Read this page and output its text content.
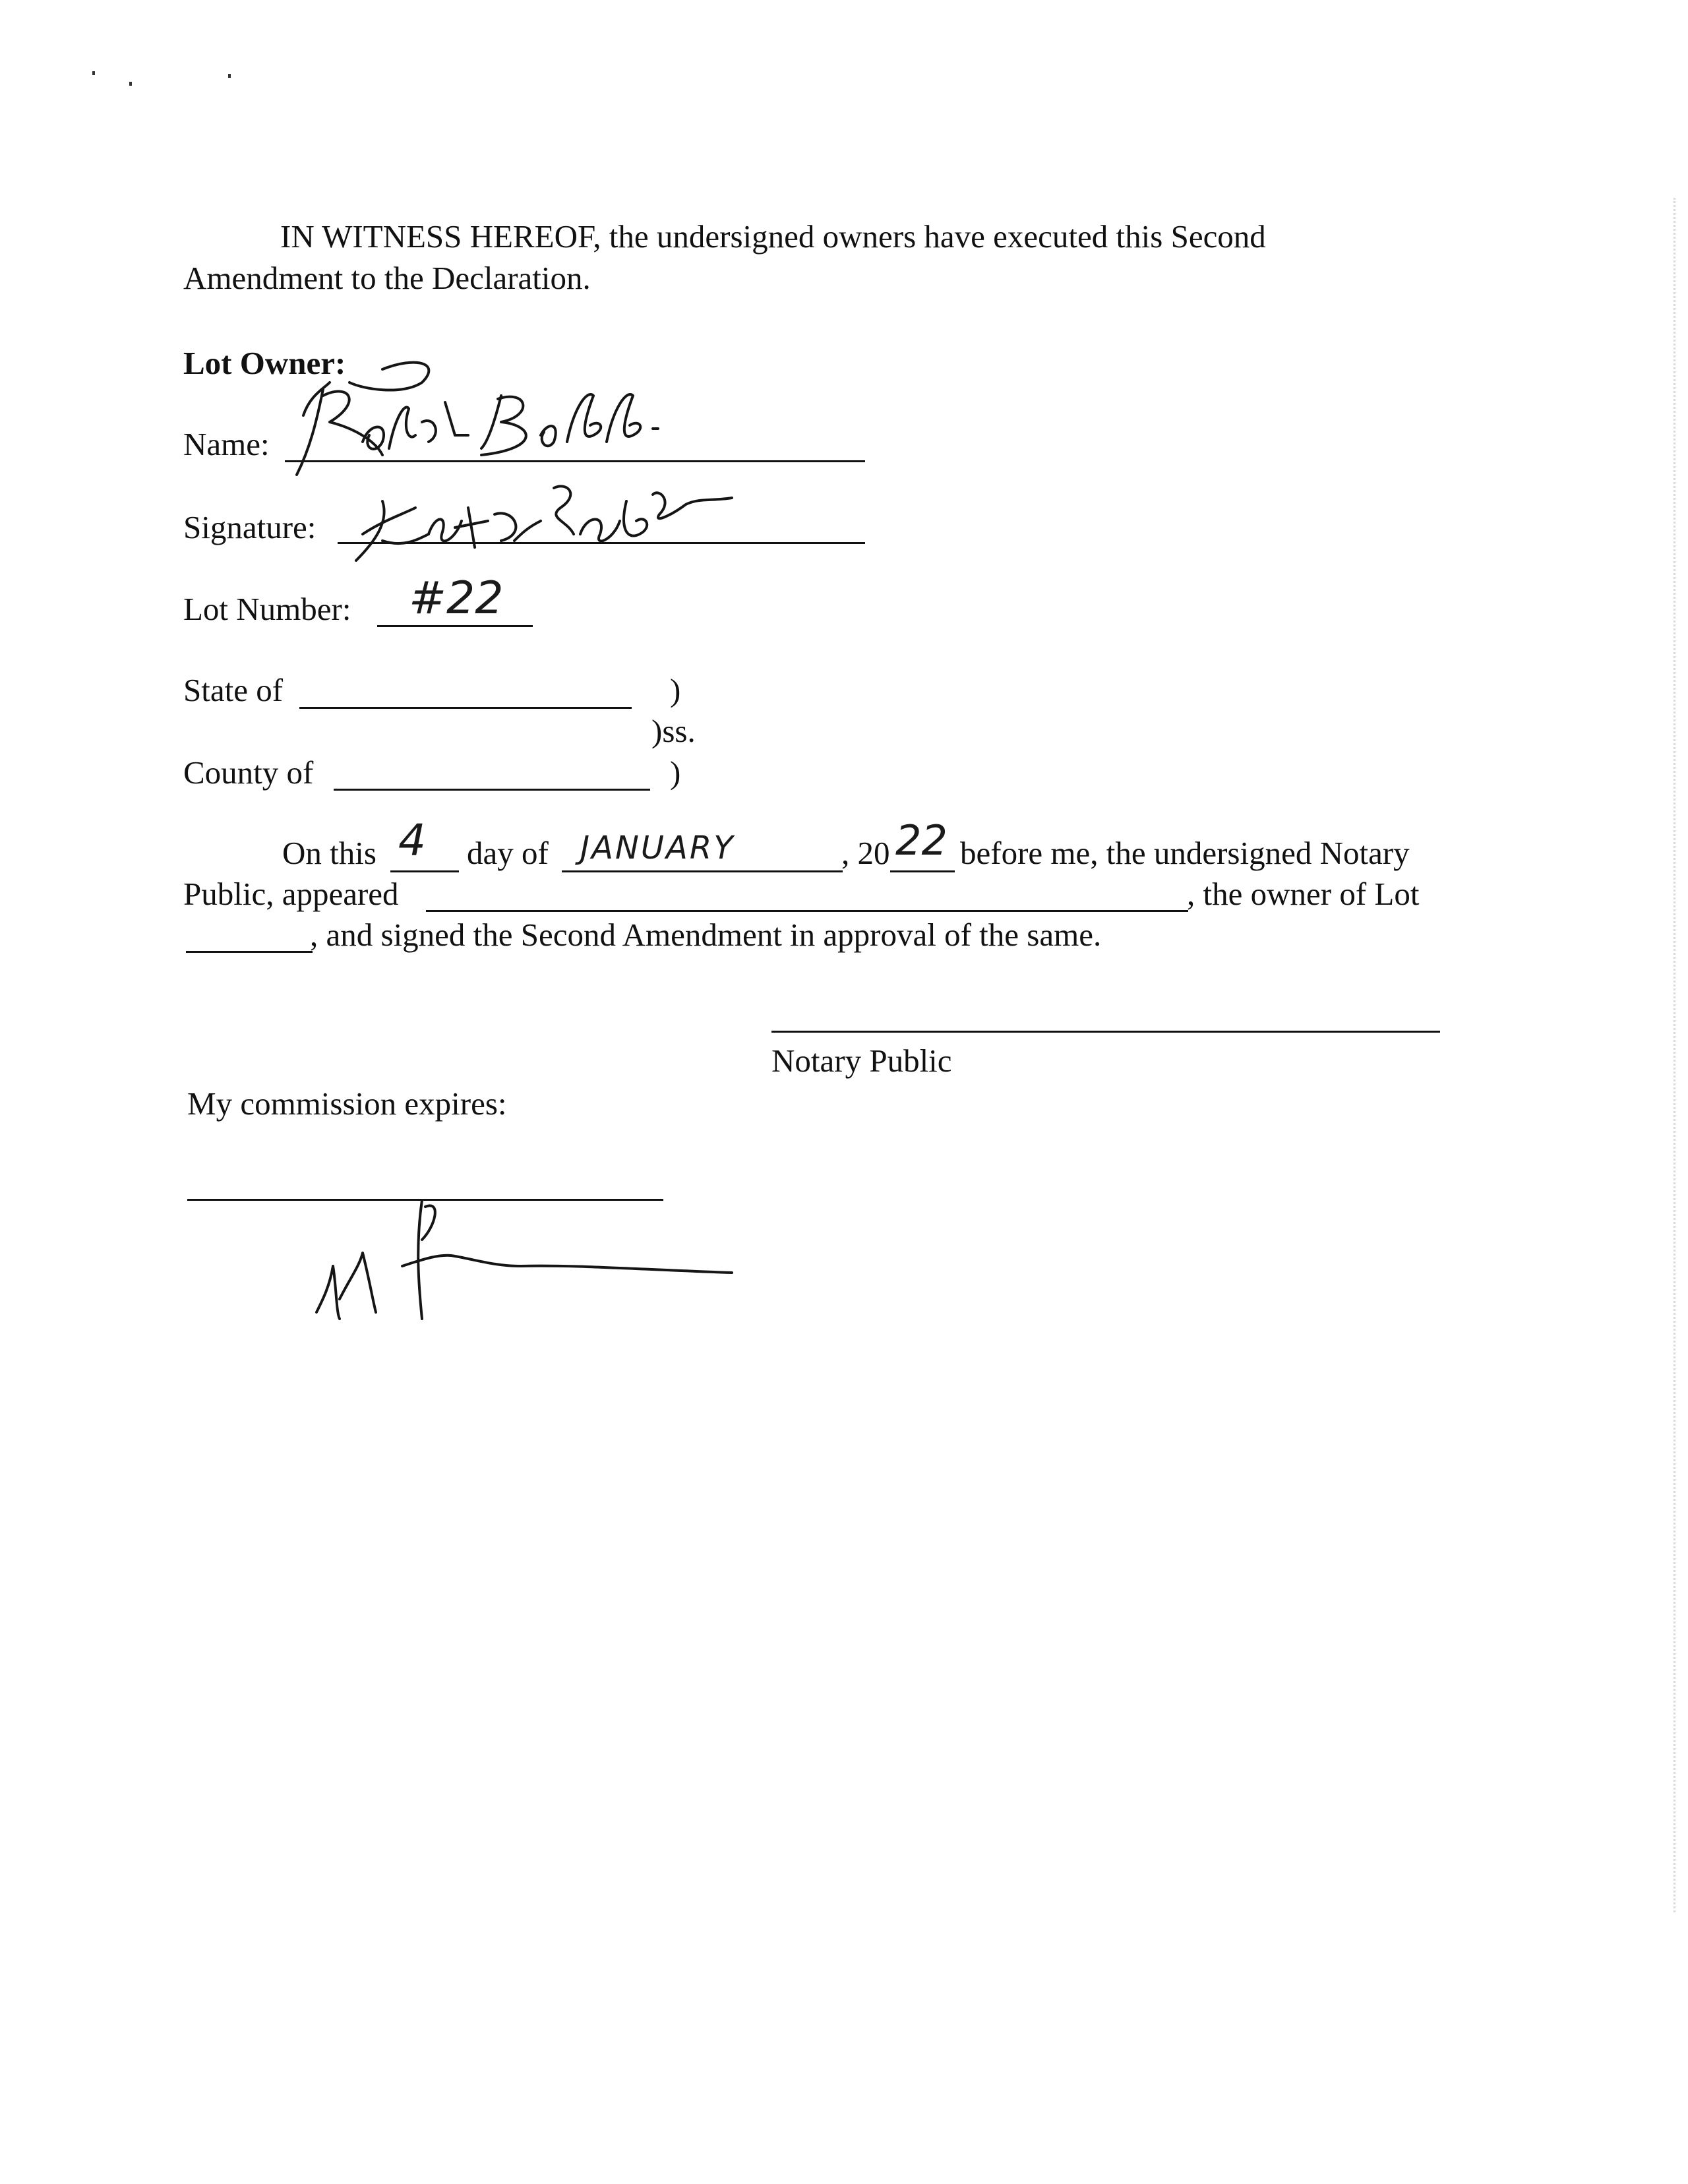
IN WITNESS HEREOF, the undersigned owners have executed this Second
Amendment to the Declaration.
Lot Owner:
Name:
Signature:
Lot Number: #22
State of	)
)ss.
County of	)
On this 4 day of JANUARY	, 20 22 before me, the undersigned Notary
Public, appeared	, the owner of Lot
, and signed the Second Amendment in approval of the same.
Notary Public
My commission expires:
